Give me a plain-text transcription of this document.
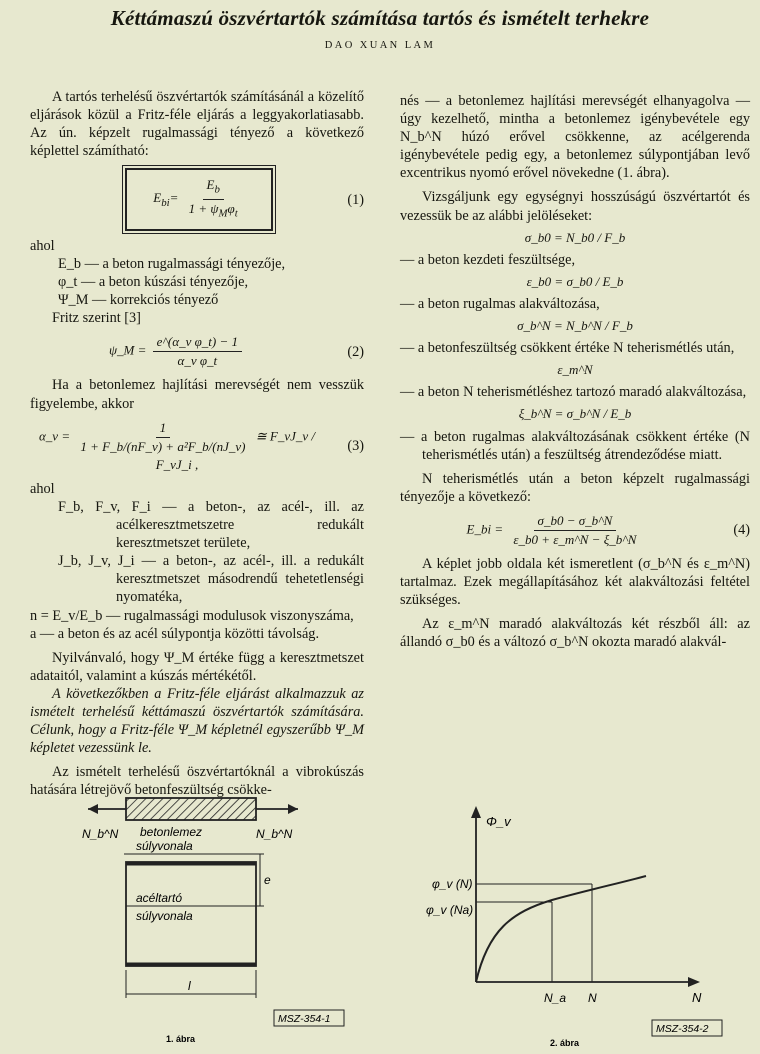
Kéttámaszú öszvértartók számítása tartós és ismételt terhekre
DAO XUAN LAM

A tartós terhelésű öszvértartók számításánál a közelítő eljárások közül a Fritz-féle eljárás a leggyakorlatiasabb. Az ún. képzelt rugalmassági tényező a következő képlettel számítható:

$E_{bi}= \frac{E_b}{1 + \psi_M\varphi_t}$	(1)

ahol

E_b — a beton rugalmassági tényezője,

φ_t — a beton kúszási tényezője,

Ψ_M — korrekciós tényező

Fritz szerint [3]

ψ_M = $\frac{\text{e\textasciicircum{}(α\_v φ\_t) − 1}}{\text{α\_v φ\_t}}$	(2)

Ha a betonlemez hajlítási merevségét nem vesszük figyelembe, akkor

α_v = $\frac{1}{\text{1 + F\_b/(nF\_v) + a²F\_b/(nJ\_v)}}$ ≅ F_vJ_v / F_vJ_i ,
(3)

ahol

F_b, F_v, F_i — a beton-, az acél-, ill. az acélkeresztmetszetre redukált keresztmetszet területe,

J_b, J_v, J_i — a beton-, az acél-, ill. a redukált keresztmetszet másodrendű tehetetlenségi nyomatéka,

n = E_v/E_b — rugalmassági modulusok viszonyszáma,

a — a beton és az acél súlypontja közötti távolság.

Nyilvánvaló, hogy Ψ_M értéke függ a keresztmetszet adataitól, valamint a kúszás mértékétől.

A következőkben a Fritz-féle eljárást alkalmazzuk az ismételt terhelésű kéttámaszú öszvértartók számítására. Célunk, hogy a Fritz-féle Ψ_M képletnél egyszerűbb Ψ_M képletet vezessünk le.

Az ismételt terhelésű öszvértartóknál a vibrokúszás hatására létrejövő betonfeszültség csökke-

nés — a betonlemez hajlítási merevségét elhanyagolva — úgy kezelhető, mintha a betonlemez igénybevétele egy N_b^N húzó erővel csökkenne, az acélgerenda igénybevétele pedig egy, a betonlemez súlypontjában levő excentrikus nyomó erővel növekedne (1. ábra).

Vizsgáljunk egy egységnyi hosszúságú öszvértartót és vezessük be az alábbi jelöléseket:

σ_b0 = N_b0 / F_b

— a beton kezdeti feszültsége,

ε_b0 = σ_b0 / E_b

— a beton rugalmas alakváltozása,

σ_b^N = N_b^N / F_b

— a betonfeszültség csökkent értéke N teherismétlés után,

ε_m^N

— a beton N teherismétléshez tartozó maradó alakváltozása,

ξ_b^N = σ_b^N / E_b

— a beton rugalmas alakváltozásának csökkent értéke (N teherismétlés után) a feszültség átrendeződése miatt.

N teherismétlés után a beton képzelt rugalmassági tényezője a következő:

E_bi = $\frac{\sigma\_b0 - \sigma\_b\^{}N}{\varepsilon\_b0 + \varepsilon\_m\^{}N - \xi\_b\^{}N}$	(4)

A képlet jobb oldala két ismeretlent (σ_b^N és ε_m^N) tartalmaz. Ezek megállapításához két alakváltozási feltétel szükséges.

Az ε_m^N maradó alakváltozás két részből áll: az állandó σ_b0 és a változó σ_b^N okozta maradó alakvál-

N_b^N	N_b^N
betonlemez
súlyvonala
acéltartó
súlyvonala
e
l
MSZ-354-1
1. ábra
Φ_v
N
φ_v (N)
φ_v (Na)
N_a N
MSZ-354-2
2. ábra
